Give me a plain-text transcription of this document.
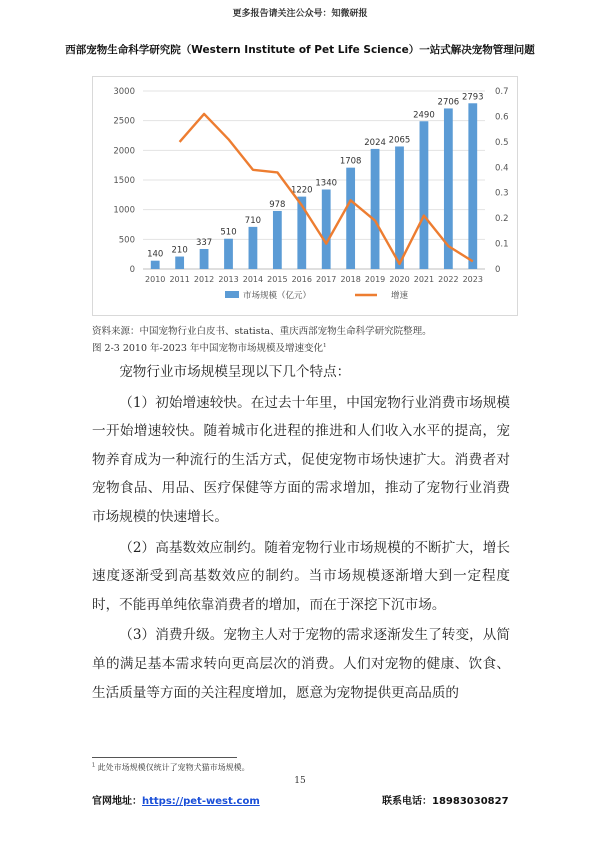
更多报告请关注公众号：知微研报
西部宠物生命科学研究院（Western Institute of Pet Life Science）一站式解决宠物管理问题
0
500
1000
1500
2000
2500
3000
0
0.1
0.2
0.3
0.4
0.5
0.6
0.7
140
2010
210
2011
337
2012
510
2013
710
2014
978
2015
1220
2016
1340
2017
1708
2018
2024
2019
2065
2020
2490
2021
2706
2022
2793
2023
市场规模（亿元）	增速
资料来源：中国宠物行业白皮书、statista、重庆西部宠物生命科学研究院整理。
图 2-3 2010 年-2023 年中国宠物市场规模及增速变化$^1$

宠物行业市场规模呈现以下几个特点：

（1）初始增速较快。在过去十年里，中国宠物行业消费市场规模一开始增速较快。随着城市化进程的推进和人们收入水平的提高，宠物养育成为一种流行的生活方式，促使宠物市场快速扩大。消费者对宠物食品、用品、医疗保健等方面的需求增加，推动了宠物行业消费市场规模的快速增长。

（2）高基数效应制约。随着宠物行业市场规模的不断扩大，增长速度逐渐受到高基数效应的制约。当市场规模逐渐增大到一定程度时，不能再单纯依靠消费者的增加，而在于深挖下沉市场。

（3）消费升级。宠物主人对于宠物的需求逐渐发生了转变，从简单的满足基本需求转向更高层次的消费。人们对宠物的健康、饮食、生活质量等方面的关注程度增加，愿意为宠物提供更高品质的

$^1$ 此处市场规模仅统计了宠物犬猫市场规模。
15
官网地址：https://pet-west.com	联系电话：18983030827
